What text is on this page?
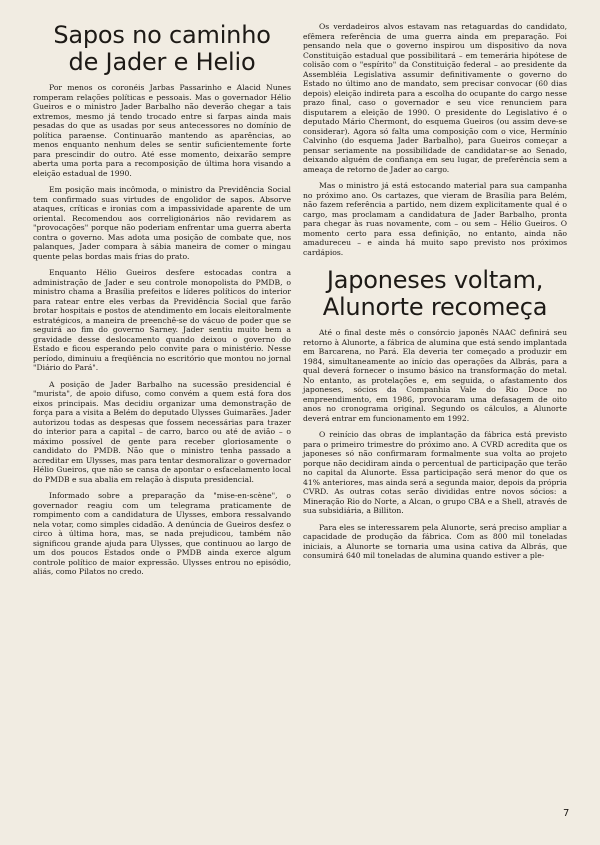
Sapos no caminho
de Jader e Helio

Por menos os coronéis Jarbas Passarinho e Alacid Nunes romperam relações políticas e pessoais. Mas o governador Hélio Gueiros e o ministro Jader Barbalho não deverão chegar a tais extremos, mesmo já tendo trocado entre si farpas ainda mais pesadas do que as usadas por seus antecessores no domínio de política paraense. Continuarão mantendo as aparências, ao menos enquanto nenhum deles se sentir suficientemente forte para prescindir do outro. Até esse momento, deixarão sempre aberta uma porta para a recomposição de última hora visando a eleição estadual de 1990.

Em posição mais incômoda, o ministro da Previdência Social tem confirmado suas virtudes de engolidor de sapos. Absorve ataques, críticas e ironias com a impassividade aparente de um oriental. Recomendou aos correligionários não revidarem as "provocações" porque não poderiam enfrentar uma guerra aberta contra o governo. Mas adota uma posição de combate que, nos palanques, Jader compara à sábia maneira de comer o mingau quente pelas bordas mais frias do prato.

Enquanto Hélio Gueiros desfere estocadas contra a administração de Jader e seu controle monopolista do PMDB, o ministro chama a Brasília prefeitos e líderes políticos do interior para ratear entre eles verbas da Previdência Social que farão brotar hospitais e postos de atendimento em locais eleitoralmente estratégicos, a maneira de preenchê-se do vácuo de poder que se seguirá ao fim do governo Sarney. Jader sentiu muito bem a gravidade desse deslocamento quando deixou o governo do Estado e ficou esperando pelo convite para o ministério. Nesse período, diminuiu a freqüência no escritório que montou no jornal "Diário do Pará".

A posição de Jader Barbalho na sucessão presidencial é "murista", de apoio difuso, como convém a quem está fora dos eixos principais. Mas decidiu organizar uma demonstração de força para a visita a Belém do deputado Ulysses Guimarães. Jader autorizou todas as despesas que fossem necessárias para trazer do interior para a capital – de carro, barco ou até de avião – o máximo possível de gente para receber gloriosamente o candidato do PMDB. Não que o ministro tenha passado a acreditar em Ulysses, mas para tentar desmoralizar o governador Hélio Gueiros, que não se cansa de apontar o esfacelamento local do PMDB e sua abalia em relação à disputa presidencial.

Informado sobre a preparação da "mise-en-scène", o governador reagiu com um telegrama praticamente de rompimento com a candidatura de Ulysses, embora ressalvando nela votar, como simples cidadão. A denúncia de Gueiros desfez o circo à última hora, mas, se nada prejudicou, também não significou grande ajuda para Ulysses, que continuou ao largo de um dos poucos Estados onde o PMDB ainda exerce algum controle político de maior expressão. Ulysses entrou no episódio, aliás, como Pilatos no credo.

Os verdadeiros alvos estavam nas retaguardas do candidato, efêmera referência de uma guerra ainda em preparação. Foi pensando nela que o governo inspirou um dispositivo da nova Constituição estadual que possibilitará – em temerária hipótese de colisão com o "espírito" da Constituição federal – ao presidente da Assembléia Legislativa assumir definitivamente o governo do Estado no último ano de mandato, sem precisar convocar (60 dias depois) eleição indireta para a escolha do ocupante do cargo nesse prazo final, caso o governador e seu vice renunciem para disputarem a eleição de 1990. O presidente do Legislativo é o deputado Mário Chermont, do esquema Gueiros (ou assim deve-se considerar). Agora só falta uma composição com o vice, Hermínio Calvinho (do esquema Jader Barbalho), para Gueiros começar a pensar seriamente na possibilidade de candidatar-se ao Senado, deixando alguém de confiança em seu lugar, de preferência sem a ameaça de retorno de Jader ao cargo.

Mas o ministro já está estocando material para sua campanha no próximo ano. Os cartazes, que vieram de Brasília para Belém, não fazem referência a partido, nem dizem explicitamente qual é o cargo, mas proclamam a candidatura de Jader Barbalho, pronta para chegar às ruas novamente, com – ou sem – Hélio Gueiros. O momento certo para essa definição, no entanto, ainda não amadureceu – e ainda há muito sapo previsto nos próximos cardápios.

Japoneses voltam,
Alunorte recomeça

Até o final deste mês o consórcio japonês NAAC definirá seu retorno à Alunorte, a fábrica de alumina que está sendo implantada em Barcarena, no Pará. Ela deveria ter começado a produzir em 1984, simultaneamente ao início das operações da Albrás, para a qual deverá fornecer o insumo básico na transformação do metal. No entanto, as protelações e, em seguida, o afastamento dos japoneses, sócios da Companhia Vale do Rio Doce no empreendimento, em 1986, provocaram uma defasagem de oito anos no cronograma original. Segundo os cálculos, a Alunorte deverá entrar em funcionamento em 1992.

O reinício das obras de implantação da fábrica está previsto para o primeiro trimestre do próximo ano. A CVRD acredita que os japoneses só não confirmaram formalmente sua volta ao projeto porque não decidiram ainda o percentual de participação que terão no capital da Alunorte. Essa participação será menor do que os 41% anteriores, mas ainda será a segunda maior, depois da própria CVRD. As outras cotas serão divididas entre novos sócios: a Mineração Rio do Norte, a Alcan, o grupo CBA e a Shell, através de sua subsidiária, a Billiton.

Para eles se interessarem pela Alunorte, será preciso ampliar a capacidade de produção da fábrica. Com as 800 mil toneladas iniciais, a Alunorte se tornaria uma usina cativa da Albrás, que consumirá 640 mil toneladas de alumina quando estiver a ple-

7
